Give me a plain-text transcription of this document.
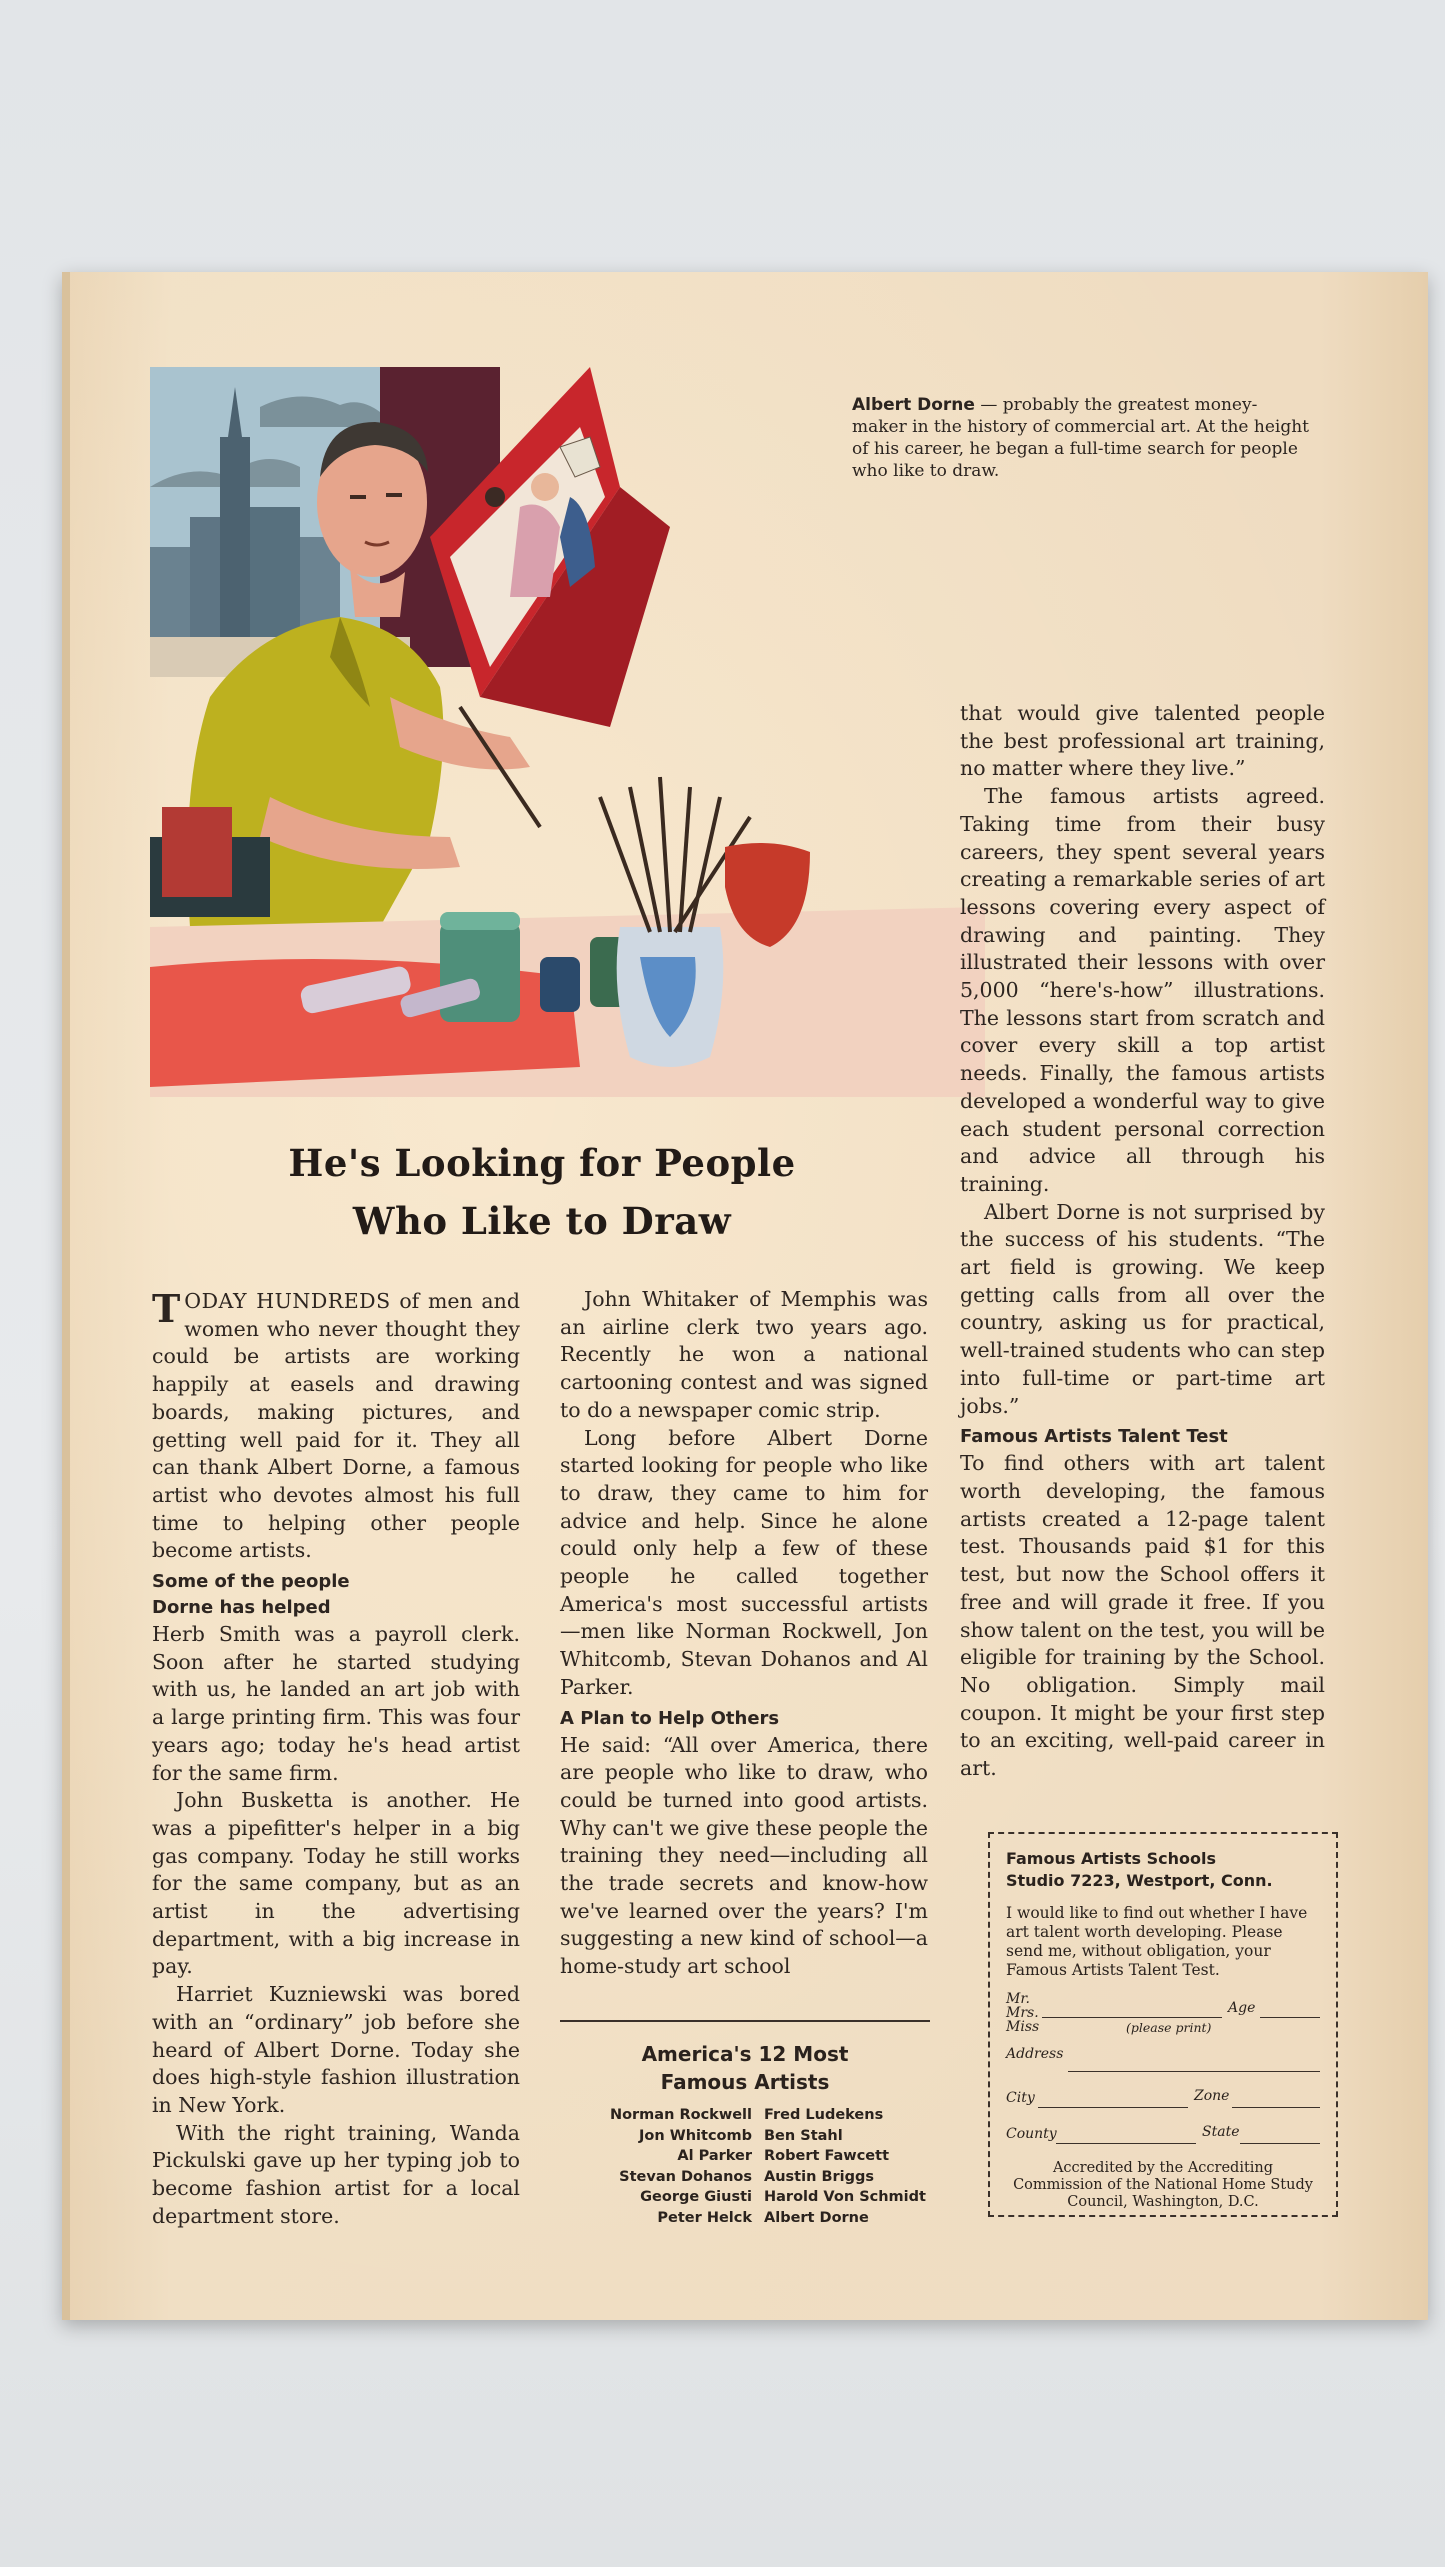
Albert Dorne — probably the greatest money-maker in the history of commercial art. At the height of his career, he began a full-time search for people who like to draw.
He's Looking for People
Who Like to Draw

TODAY HUNDREDS of men and women who never thought they could be artists are working happily at easels and drawing boards, making pictures, and getting well paid for it. They all can thank Albert Dorne, a famous artist who devotes almost his full time to helping other people become artists.

Some of the people
Dorne has helped

Herb Smith was a payroll clerk. Soon after he started studying with us, he landed an art job with a large printing firm. This was four years ago; today he's head artist for the same firm.

John Busketta is another. He was a pipefitter's helper in a big gas company. Today he still works for the same company, but as an artist in the advertising department, with a big increase in pay.

Harriet Kuzniewski was bored with an “ordinary” job before she heard of Albert Dorne. Today she does high-style fashion illustration in New York.

With the right training, Wanda Pickulski gave up her typing job to become fashion artist for a local department store.

John Whitaker of Memphis was an airline clerk two years ago. Recently he won a national cartooning contest and was signed to do a newspaper comic strip.

Long before Albert Dorne started looking for people who like to draw, they came to him for advice and help. Since he alone could only help a few of these people he called together America's most successful artists —men like Norman Rockwell, Jon Whitcomb, Stevan Dohanos and Al Parker.

A Plan to Help Others

He said: “All over America, there are people who like to draw, who could be turned into good artists. Why can't we give these people the training they need—including all the trade secrets and know-how we've learned over the years? I'm suggesting a new kind of school—a home-study art school

America's 12 Most
Famous Artists
Norman Rockwell Fred Ludekens
Jon Whitcomb Ben Stahl
Al Parker Robert Fawcett
Stevan Dohanos Austin Briggs
George Giusti Harold Von Schmidt
Peter Helck Albert Dorne

that would give talented people the best professional art training, no matter where they live.”

The famous artists agreed. Taking time from their busy careers, they spent several years creating a remarkable series of art lessons covering every aspect of drawing and painting. They illustrated their lessons with over 5,000 “here's-how” illustrations. The lessons start from scratch and cover every skill a top artist needs. Finally, the famous artists developed a wonderful way to give each student personal correction and advice all through his training.

Albert Dorne is not surprised by the success of his students. “The art field is growing. We keep getting calls from all over the country, asking us for practical, well-trained students who can step into full-time or part-time art jobs.”

Famous Artists Talent Test

To find others with art talent worth developing, the famous artists created a 12-page talent test. Thousands paid $1 for this test, but now the School offers it free and will grade it free. If you show talent on the test, you will be eligible for training by the School. No obligation. Simply mail coupon. It might be your first step to an exciting, well-paid career in art.

Famous Artists Schools
Studio 7223, Westport, Conn.
I would like to find out whether I have art talent worth developing. Please send me, without obligation, your Famous Artists Talent Test.
Mr.
Mrs.
Miss
Age
(please print)
Address
City	Zone
County	State
Accredited by the Accrediting Commission of the National Home Study Council, Washington, D.C.
